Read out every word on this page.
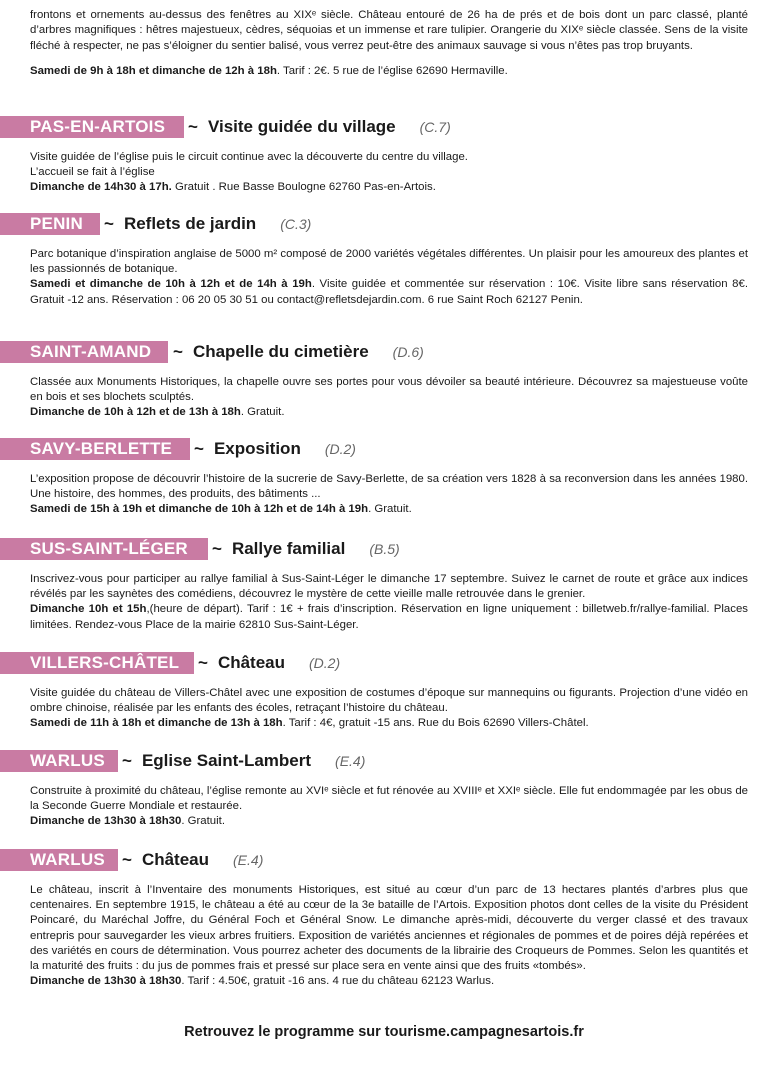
frontons et ornements au-dessus des fenêtres au XIXᵉ siècle. Château entouré de 26 ha de prés et de bois dont un parc classé, planté d’arbres magnifiques : hêtres majestueux, cèdres, séquoias et un immense et rare tulipier. Orangerie du XIXᵉ siècle classée. Sens de la visite fléché à respecter, ne pas s’éloigner du sentier balisé, vous verrez peut-être des animaux sauvage si vous n’êtes pas trop bruyants.

Samedi de 9h à 18h et dimanche de 12h à 18h. Tarif : 2€. 5 rue de l’église 62690 Hermaville.

PAS-EN-ARTOIS	~ Visite guidée du village (C.7)

Visite guidée de l’église puis le circuit continue avec la découverte du centre du village.

L’accueil se fait à l’église

Dimanche de 14h30 à 17h. Gratuit . Rue Basse Boulogne 62760 Pas-en-Artois.

PENIN	~ Reflets de jardin (C.3)

Parc botanique d’inspiration anglaise de 5000 m² composé de 2000 variétés végétales différentes. Un plaisir pour les amoureux des plantes et les passionnés de botanique.

Samedi et dimanche de 10h à 12h et de 14h à 19h. Visite guidée et commentée sur réservation : 10€. Visite libre sans réservation 8€. Gratuit -12 ans. Réservation : 06 20 05 30 51 ou contact@refletsdejardin.com. 6 rue Saint Roch 62127 Penin.

SAINT-AMAND	~ Chapelle du cimetière (D.6)

Classée aux Monuments Historiques, la chapelle ouvre ses portes pour vous dévoiler sa beauté intérieure. Découvrez sa majestueuse voûte en bois et ses blochets sculptés.

Dimanche de 10h à 12h et de 13h à 18h. Gratuit.

SAVY-BERLETTE	~ Exposition (D.2)

L’exposition propose de découvrir l’histoire de la sucrerie de Savy-Berlette, de sa création vers 1828 à sa reconversion dans les années 1980. Une histoire, des hommes, des produits, des bâtiments ...

Samedi de 15h à 19h et dimanche de 10h à 12h et de 14h à 19h. Gratuit.

SUS-SAINT-LÉGER	~ Rallye familial (B.5)

Inscrivez-vous pour participer au rallye familial à Sus-Saint-Léger le dimanche 17 septembre. Suivez le carnet de route et grâce aux indices révélés par les saynètes des comédiens, découvrez le mystère de cette vieille malle retrouvée dans le grenier.

Dimanche 10h et 15h,(heure de départ). Tarif : 1€ + frais d’inscription. Réservation en ligne uniquement : billetweb.fr/rallye-familial. Places limitées. Rendez-vous Place de la mairie 62810 Sus-Saint-Léger.

VILLERS-CHÂTEL	~ Château (D.2)

Visite guidée du château de Villers-Châtel avec une exposition de costumes d’époque sur mannequins ou figurants. Projection d’une vidéo en ombre chinoise, réalisée par les enfants des écoles, retraçant l’histoire du château.

Samedi de 11h à 18h et dimanche de 13h à 18h. Tarif : 4€, gratuit -15 ans. Rue du Bois 62690 Villers-Châtel.

WARLUS	~ Eglise Saint-Lambert (E.4)

Construite à proximité du château, l’église remonte au XVIᵉ siècle et fut rénovée au XVIIIᵉ et XXIᵉ siècle. Elle fut endommagée par les obus de la Seconde Guerre Mondiale et restaurée.

Dimanche de 13h30 à 18h30. Gratuit.

WARLUS	~ Château (E.4)

Le château, inscrit à l’Inventaire des monuments Historiques, est situé au cœur d’un parc de 13 hectares plantés d’arbres plus que centenaires. En septembre 1915, le château a été au cœur de la 3e bataille de l’Artois. Exposition photos dont celles de la visite du Président Poincaré, du Maréchal Joffre, du Général Foch et Général Snow. Le dimanche après-midi, découverte du verger classé et des travaux entrepris pour sauvegarder les vieux arbres fruitiers. Exposition de variétés anciennes et régionales de pommes et de poires déjà repérées et des variétés en cours de détermination. Vous pourrez acheter des documents de la librairie des Croqueurs de Pommes. Selon les quantités et la maturité des fruits : du jus de pommes frais et pressé sur place sera en vente ainsi que des fruits «tombés».

Dimanche de 13h30 à 18h30. Tarif : 4.50€, gratuit -16 ans. 4 rue du château 62123 Warlus.

Retrouvez le programme sur tourisme.campagnesartois.fr
